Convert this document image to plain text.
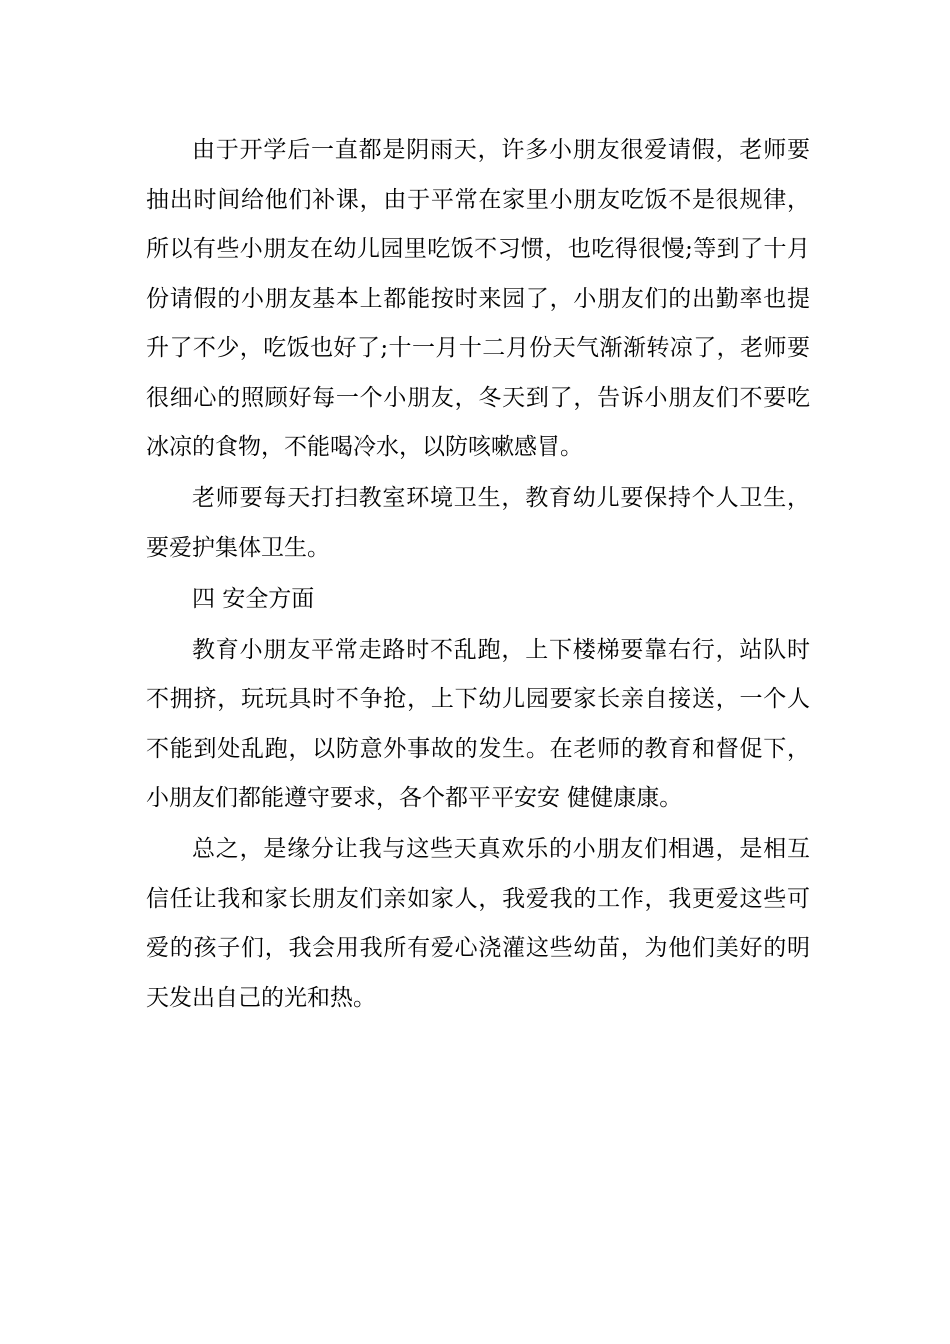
由于开学后一直都是阴雨天，许多小朋友很爱请假，老师要抽出时间给他们补课，由于平常在家里小朋友吃饭不是很规律，所以有些小朋友在幼儿园里吃饭不习惯，也吃得很慢;等到了十月份请假的小朋友基本上都能按时来园了，小朋友们的出勤率也提升了不少，吃饭也好了;十一月十二月份天气渐渐转凉了，老师要很细心的照顾好每一个小朋友，冬天到了，告诉小朋友们不要吃冰凉的食物，不能喝冷水，以防咳嗽感冒。

老师要每天打扫教室环境卫生，教育幼儿要保持个人卫生，要爱护集体卫生。

四 安全方面

教育小朋友平常走路时不乱跑，上下楼梯要靠右行，站队时不拥挤，玩玩具时不争抢，上下幼儿园要家长亲自接送，一个人不能到处乱跑，以防意外事故的发生。在老师的教育和督促下，小朋友们都能遵守要求，各个都平平安安 健健康康。

总之，是缘分让我与这些天真欢乐的小朋友们相遇，是相互信任让我和家长朋友们亲如家人，我爱我的工作，我更爱这些可爱的孩子们，我会用我所有爱心浇灌这些幼苗，为他们美好的明天发出自己的光和热。
